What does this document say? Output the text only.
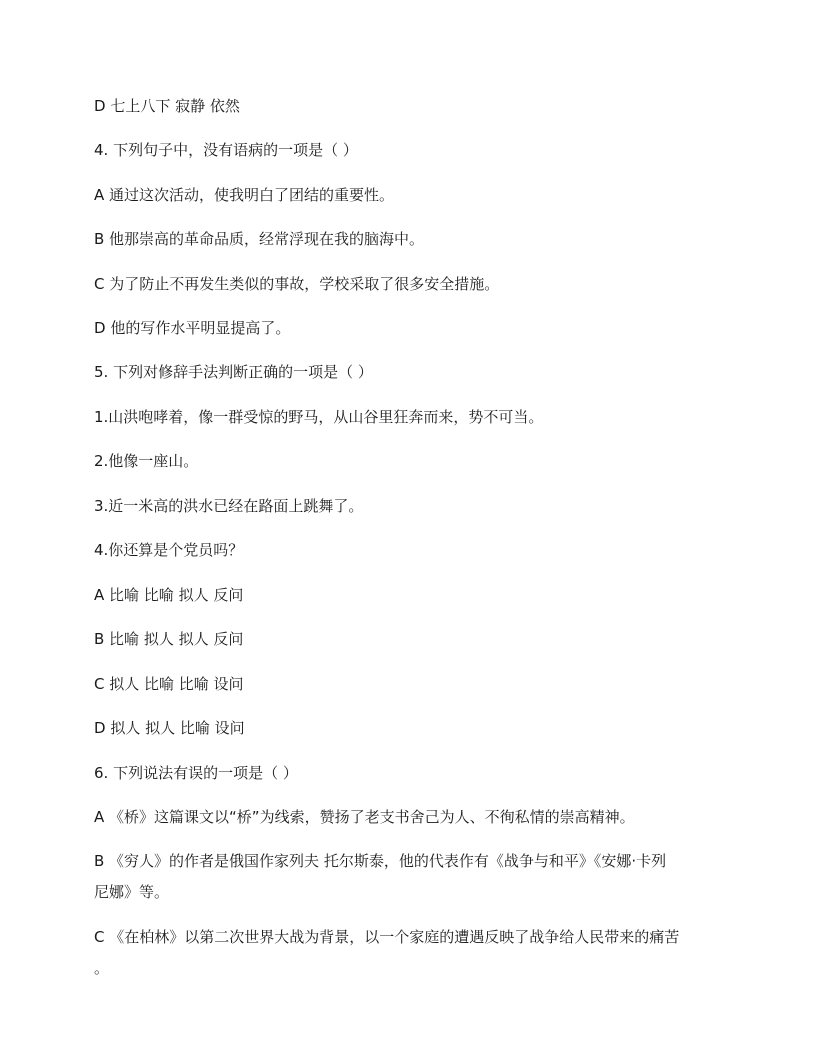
D 七上八下 寂静 依然
4. 下列句子中，没有语病的一项是（ ）
A 通过这次活动，使我明白了团结的重要性。
B 他那崇高的革命品质，经常浮现在我的脑海中。
C 为了防止不再发生类似的事故，学校采取了很多安全措施。
D 他的写作水平明显提高了。
5. 下列对修辞手法判断正确的一项是（ ）
1.山洪咆哮着，像一群受惊的野马，从山谷里狂奔而来，势不可当。
2.他像一座山。
3.近一米高的洪水已经在路面上跳舞了。
4.你还算是个党员吗？
A 比喻 比喻 拟人 反问
B 比喻 拟人 拟人 反问
C 拟人 比喻 比喻 设问
D 拟人 拟人 比喻 设问
6. 下列说法有误的一项是（ ）
A 《桥》这篇课文以“桥”为线索，赞扬了老支书舍己为人、不徇私情的崇高精神。
B 《穷人》的作者是俄国作家列夫 托尔斯泰，他的代表作有《战争与和平》《安娜·卡列
尼娜》等。
C 《在柏林》以第二次世界大战为背景，以一个家庭的遭遇反映了战争给人民带来的痛苦
。
